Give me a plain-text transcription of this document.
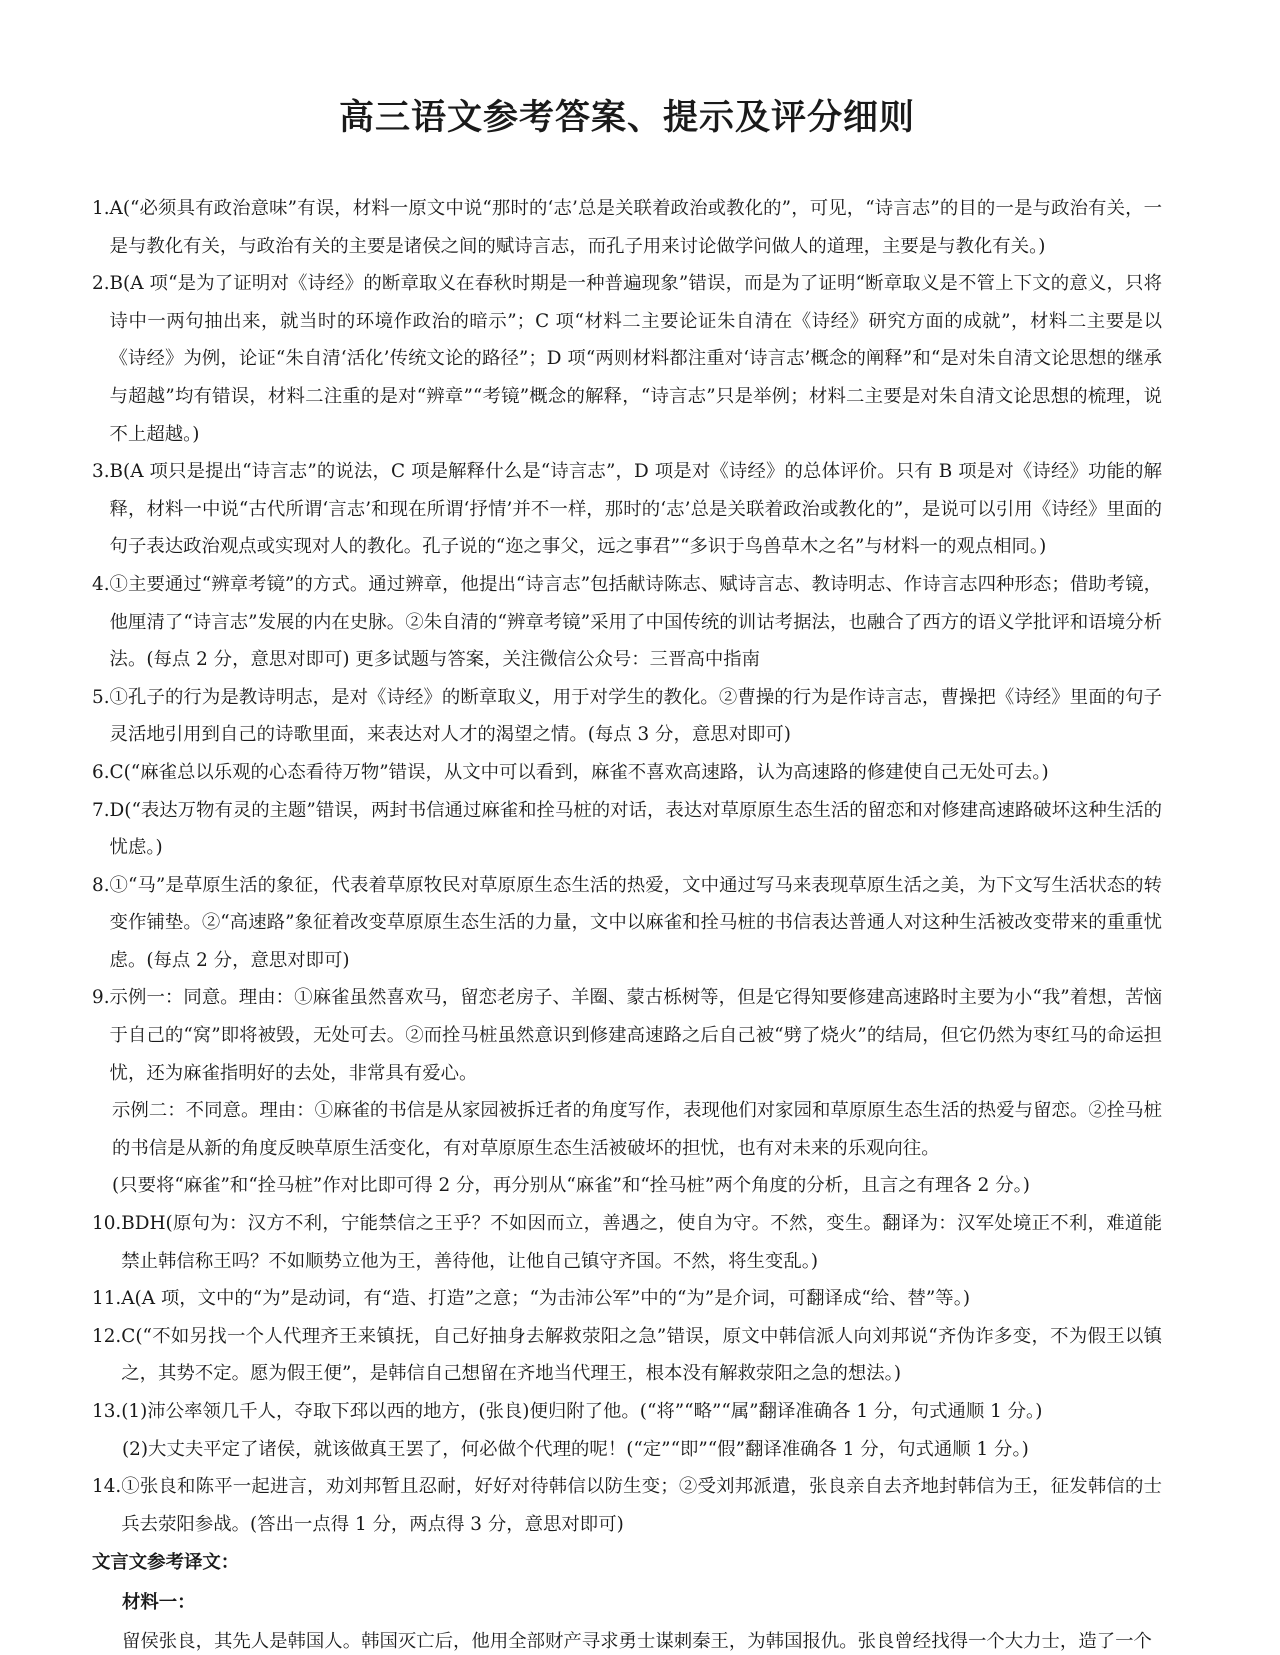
高三语文参考答案、提示及评分细则
1. A(“必须具有政治意味”有误，材料一原文中说“那时的‘志’总是关联着政治或教化的”，可见，“诗言志”的目的一是与政治有关，一是与教化有关，与政治有关的主要是诸侯之间的赋诗言志，而孔子用来讨论做学问做人的道理，主要是与教化有关。)
2. B(A 项“是为了证明对《诗经》的断章取义在春秋时期是一种普遍现象”错误，而是为了证明“断章取义是不管上下文的意义，只将诗中一两句抽出来，就当时的环境作政治的暗示”；C 项“材料二主要论证朱自清在《诗经》研究方面的成就”，材料二主要是以《诗经》为例，论证“朱自清‘活化’传统文论的路径”；D 项“两则材料都注重对‘诗言志’概念的阐释”和“是对朱自清文论思想的继承与超越”均有错误，材料二注重的是对“辨章”“考镜”概念的解释，“诗言志”只是举例；材料二主要是对朱自清文论思想的梳理，说不上超越。)
3. B(A 项只是提出“诗言志”的说法，C 项是解释什么是“诗言志”，D 项是对《诗经》的总体评价。只有 B 项是对《诗经》功能的解释，材料一中说“古代所谓‘言志’和现在所谓‘抒情’并不一样，那时的‘志’总是关联着政治或教化的”，是说可以引用《诗经》里面的句子表达政治观点或实现对人的教化。孔子说的“迩之事父，远之事君”“多识于鸟兽草木之名”与材料一的观点相同。)
4. ①主要通过“辨章考镜”的方式。通过辨章，他提出“诗言志”包括献诗陈志、赋诗言志、教诗明志、作诗言志四种形态；借助考镜，他厘清了“诗言志”发展的内在史脉。②朱自清的“辨章考镜”采用了中国传统的训诂考据法，也融合了西方的语义学批评和语境分析法。(每点 2 分，意思对即可) 更多试题与答案，关注微信公众号：三晋高中指南
5. ①孔子的行为是教诗明志，是对《诗经》的断章取义，用于对学生的教化。②曹操的行为是作诗言志，曹操把《诗经》里面的句子灵活地引用到自己的诗歌里面，来表达对人才的渴望之情。(每点 3 分，意思对即可)
6. C(“麻雀总以乐观的心态看待万物”错误，从文中可以看到，麻雀不喜欢高速路，认为高速路的修建使自己无处可去。)
7. D(“表达万物有灵的主题”错误，两封书信通过麻雀和拴马桩的对话，表达对草原原生态生活的留恋和对修建高速路破坏这种生活的忧虑。)
8. ①“马”是草原生活的象征，代表着草原牧民对草原原生态生活的热爱，文中通过写马来表现草原生活之美，为下文写生活状态的转变作铺垫。②“高速路”象征着改变草原原生态生活的力量，文中以麻雀和拴马桩的书信表达普通人对这种生活被改变带来的重重忧虑。(每点 2 分，意思对即可)
9. 示例一：同意。理由：①麻雀虽然喜欢马，留恋老房子、羊圈、蒙古栎树等，但是它得知要修建高速路时主要为小“我”着想，苦恼于自己的“窝”即将被毁，无处可去。②而拴马桩虽然意识到修建高速路之后自己被“劈了烧火”的结局，但它仍然为枣红马的命运担忧，还为麻雀指明好的去处，非常具有爱心。
示例二：不同意。理由：①麻雀的书信是从家园被拆迁者的角度写作，表现他们对家园和草原原生态生活的热爱与留恋。②拴马桩的书信是从新的角度反映草原生活变化，有对草原原生态生活被破坏的担忧，也有对未来的乐观向往。
(只要将“麻雀”和“拴马桩”作对比即可得 2 分，再分别从“麻雀”和“拴马桩”两个角度的分析，且言之有理各 2 分。)
10. BDH(原句为：汉方不利，宁能禁信之王乎？不如因而立，善遇之，使自为守。不然，变生。翻译为：汉军处境正不利，难道能禁止韩信称王吗？不如顺势立他为王，善待他，让他自己镇守齐国。不然，将生变乱。)
11. A(A 项，文中的“为”是动词，有“造、打造”之意；“为击沛公军”中的“为”是介词，可翻译成“给、替”等。)
12. C(“不如另找一个人代理齐王来镇抚，自己好抽身去解救荥阳之急”错误，原文中韩信派人向刘邦说“齐伪诈多变，不为假王以镇之，其势不定。愿为假王便”，是韩信自己想留在齐地当代理王，根本没有解救荥阳之急的想法。)
13. (1)沛公率领几千人，夺取下邳以西的地方，(张良)便归附了他。(“将”“略”“属”翻译准确各 1 分，句式通顺 1 分。)
(2)大丈夫平定了诸侯，就该做真王罢了，何必做个代理的呢！(“定”“即”“假”翻译准确各 1 分，句式通顺 1 分。)
14. ①张良和陈平一起进言，劝刘邦暂且忍耐，好好对待韩信以防生变；②受刘邦派遣，张良亲自去齐地封韩信为王，征发韩信的士兵去荥阳参战。(答出一点得 1 分，两点得 3 分，意思对即可)
文言文参考译文：
材料一：
留侯张良，其先人是韩国人。韩国灭亡后，他用全部财产寻求勇士谋刺秦王，为韩国报仇。张良曾经找得一个大力士，造了一个
